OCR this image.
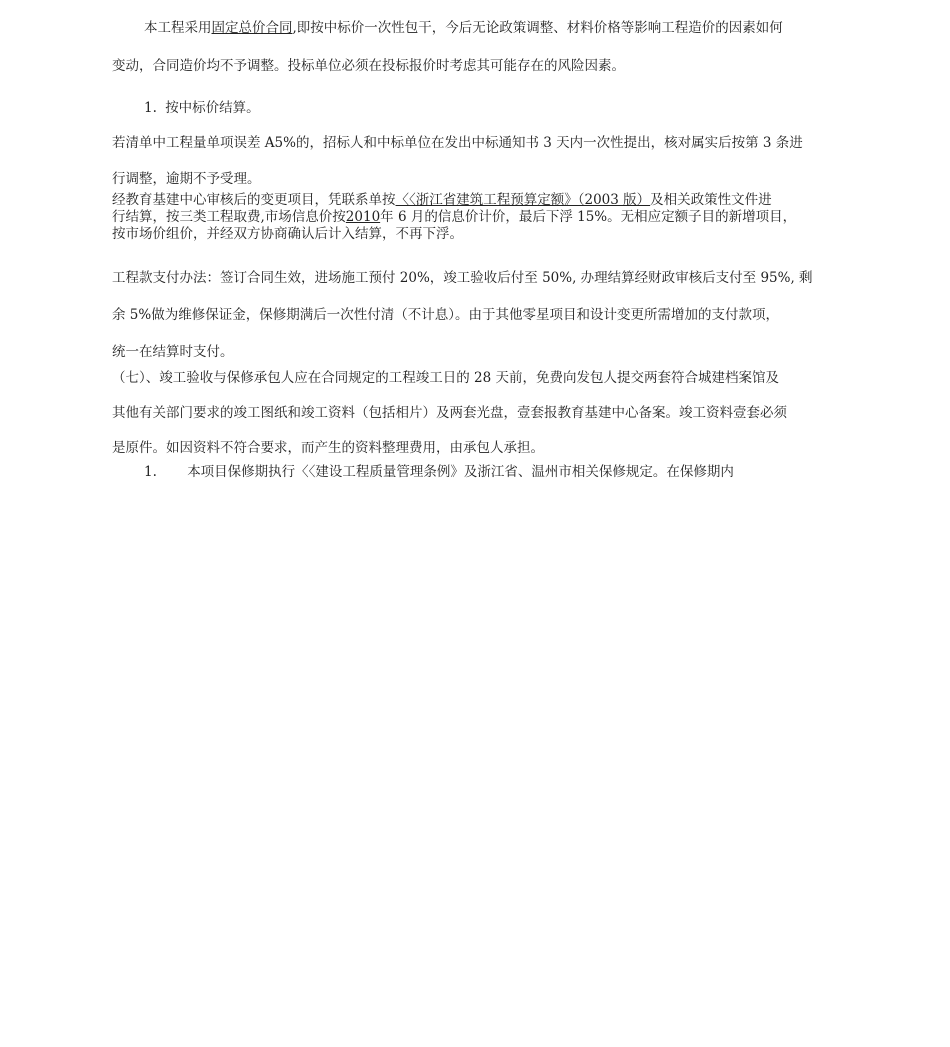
本工程采用固定总价合同,即按中标价一次性包干，今后无论政策调整、材料价格等影响工程造价的因素如何
变动，合同造价均不予调整。投标单位必须在投标报价时考虑其可能存在的风险因素。
1. 按中标价结算。
若清单中工程量单项误差 A5%的，招标人和中标单位在发出中标通知书 3 天内一次性提出，核对属实后按第 3 条进
行调整，逾期不予受理。
经教育基建中心审核后的变更项目，凭联系单按〈〈浙江省建筑工程预算定额》（2003 版）及相关政策性文件进
行结算，按三类工程取费,市场信息价按2010年 6 月的信息价计价，最后下浮 15%。无相应定额子目的新增项目，
按市场价组价，并经双方协商确认后计入结算，不再下浮。
工程款支付办法：签订合同生效，进场施工预付 20%，竣工验收后付至 50%, 办理结算经财政审核后支付至 95%, 剩
余 5%做为维修保证金，保修期满后一次性付清（不计息）。由于其他零星项目和设计变更所需增加的支付款项，
统一在结算时支付。
（七）、竣工验收与保修承包人应在合同规定的工程竣工日的 28 天前，免费向发包人提交两套符合城建档案馆及
其他有关部门要求的竣工图纸和竣工资料（包括相片）及两套光盘，壹套报教育基建中心备案。竣工资料壹套必须
是原件。如因资料不符合要求，而产生的资料整理费用，由承包人承担。
1. 本项目保修期执行〈〈建设工程质量管理条例》及浙江省、温州市相关保修规定。在保修期内
